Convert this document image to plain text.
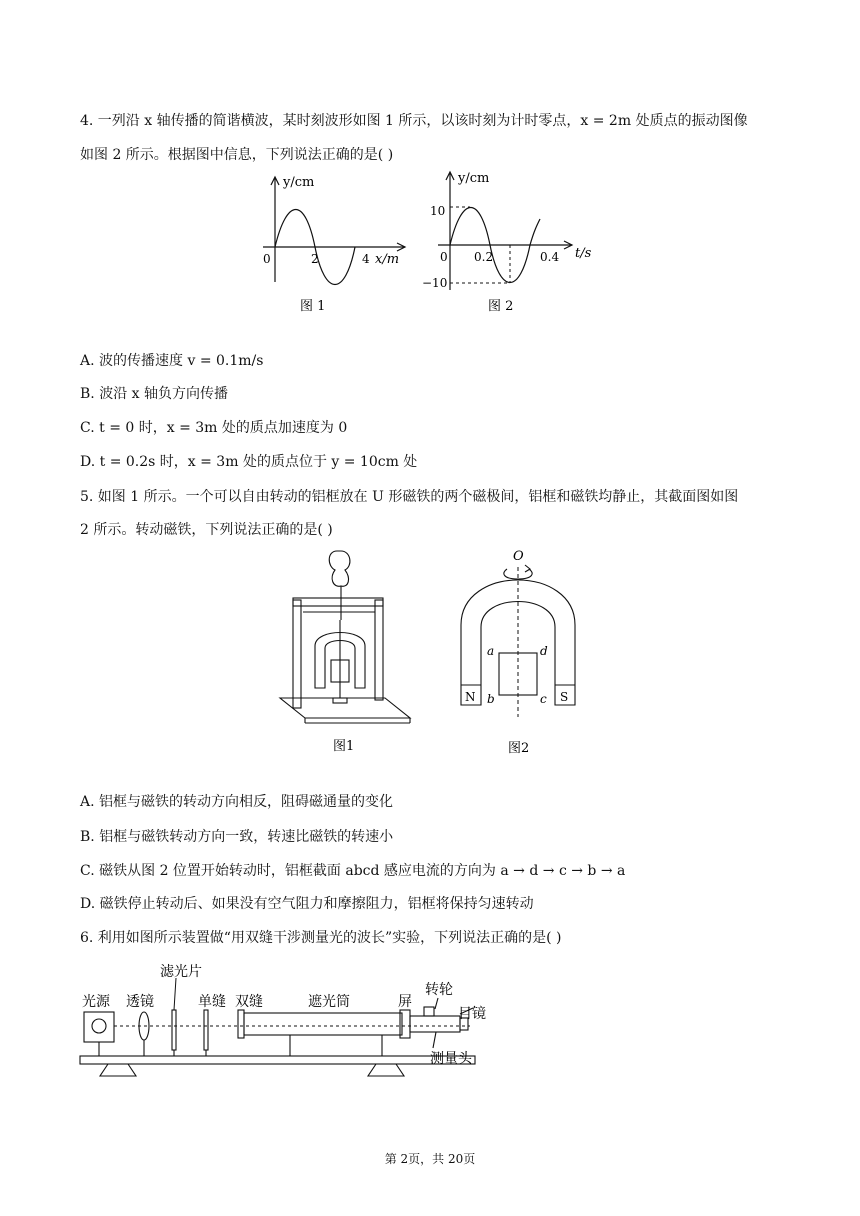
4. 一列沿 x 轴传播的简谐横波，某时刻波形如图 1 所示，以该时刻为计时零点，x = 2m 处质点的振动图像
如图 2 所示。根据图中信息，下列说法正确的是( )
y/cm
0	2	4 x/m
图 1
y/cm
10
0 0.2	0.4 t/s
−10
图 2
A. 波的传播速度 v = 0.1m/s
B. 波沿 x 轴负方向传播
C. t = 0 时，x = 3m 处的质点加速度为 0
D. t = 0.2s 时，x = 3m 处的质点位于 y = 10cm 处
5. 如图 1 所示。一个可以自由转动的铝框放在 U 形磁铁的两个磁极间，铝框和磁铁均静止，其截面图如图
2 所示。转动磁铁，下列说法正确的是( )
图1
O
a	d
b	c
N	S
图2
A. 铝框与磁铁的转动方向相反，阻碍磁通量的变化
B. 铝框与磁铁转动方向一致，转速比磁铁的转速小
C. 磁铁从图 2 位置开始转动时，铝框截面 abcd 感应电流的方向为 a → d → c → b → a
D. 磁铁停止转动后、如果没有空气阻力和摩擦阻力，铝框将保持匀速转动
6. 利用如图所示装置做“用双缝干涉测量光的波长”实验，下列说法正确的是( )
光源 透镜
滤光片
单缝 双缝	遮光筒	屏
转轮
目镜
测量头
第 2页，共 20页
